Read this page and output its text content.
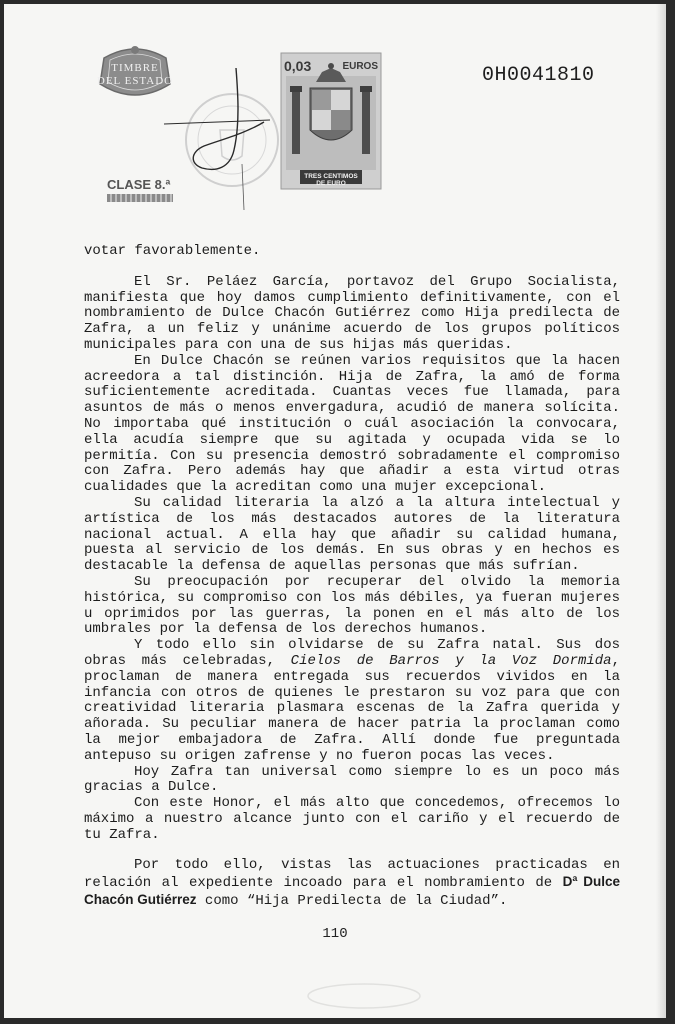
TIMBRE
DEL ESTADO
0,03	EUROS
TRES CENTIMOS
DE EURO
0H0041810
CLASE 8.ª

votar favorablemente.

El Sr. Peláez García, portavoz del Grupo Socialista, manifiesta que hoy damos cumplimiento definitivamente, con el nombramiento de Dulce Chacón Gutiérrez como Hija predilecta de Zafra, a un feliz y unánime acuerdo de los grupos políticos municipales para con una de sus hijas más queridas.

En Dulce Chacón se reúnen varios requisitos que la hacen acreedora a tal distinción. Hija de Zafra, la amó de forma suficientemente acreditada. Cuantas veces fue llamada, para asuntos de más o menos envergadura, acudió de manera solícita. No importaba qué institución o cuál asociación la convocara, ella acudía siempre que su agitada y ocupada vida se lo permitía. Con su presencia demostró sobradamente el compromiso con Zafra. Pero además hay que añadir a esta virtud otras cualidades que la acreditan como una mujer excepcional.

Su calidad literaria la alzó a la altura intelectual y artística de los más destacados autores de la literatura nacional actual. A ella hay que añadir su calidad humana, puesta al servicio de los demás. En sus obras y en hechos es destacable la defensa de aquellas personas que más sufrían.

Su preocupación por recuperar del olvido la memoria histórica, su compromiso con los más débiles, ya fueran mujeres u oprimidos por las guerras, la ponen en el más alto de los umbrales por la defensa de los derechos humanos.

Y todo ello sin olvidarse de su Zafra natal. Sus dos obras más celebradas, Cielos de Barros y la Voz Dormida, proclaman de manera entregada sus recuerdos vividos en la infancia con otros de quienes le prestaron su voz para que con creatividad literaria plasmara escenas de la Zafra querida y añorada. Su peculiar manera de hacer patria la proclaman como la mejor embajadora de Zafra. Allí donde fue preguntada antepuso su origen zafrense y no fueron pocas las veces.

Hoy Zafra tan universal como siempre lo es un poco más gracias a Dulce.

Con este Honor, el más alto que concedemos, ofrecemos lo máximo a nuestro alcance junto con el cariño y el recuerdo de tu Zafra.

Por todo ello, vistas las actuaciones practicadas en relación al expediente incoado para el nombramiento de Dª Dulce Chacón Gutiérrez como “Hija Predilecta de la Ciudad”.

110
